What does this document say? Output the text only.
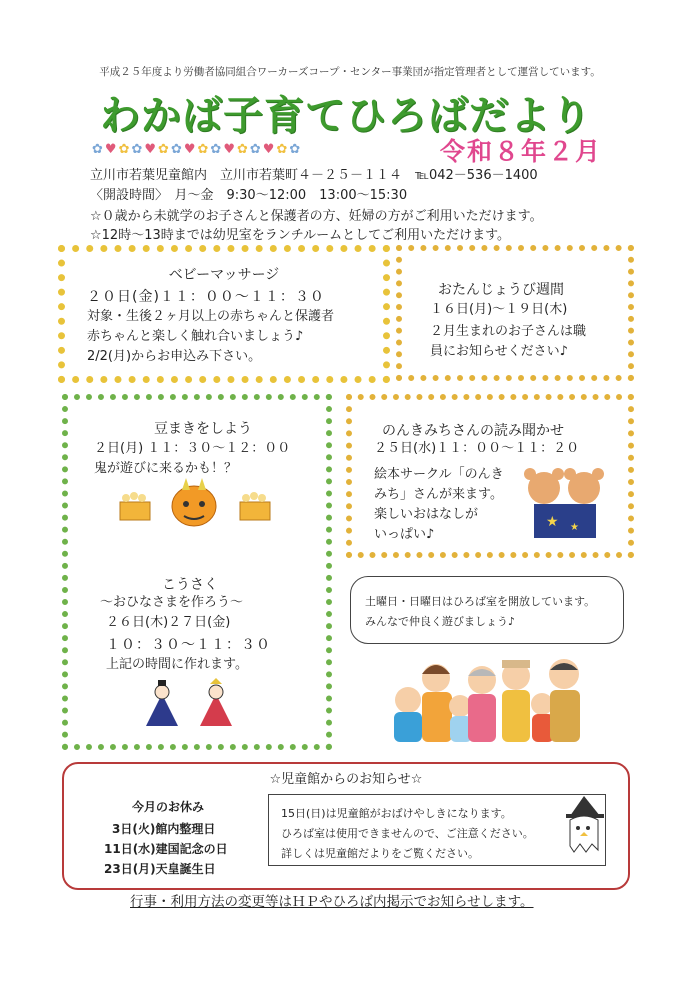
平成２５年度より労働者協同組合ワーカーズコープ・センター事業団が指定管理者として運営しています。
わかば子育てひろばだより
✿♥✿✿♥✿✿♥✿✿♥✿✿♥✿✿	令和８年２月
立川市若葉児童館内　立川市若葉町４－２５－１１４　℡042－536－1400
〈開設時間〉　月～金　9:30～12:00　13:00～15:30
☆０歳から未就学のお子さんと保護者の方、妊婦の方がご利用いただけます。
☆12時～13時までは幼児室をランチルームとしてご利用いただけます。
ベビーマッサージ
２０日(金)１１：００～１１：３０
対象・生後２ヶ月以上の赤ちゃんと保護者
赤ちゃんと楽しく触れ合いましょう♪
2/2(月)からお申込み下さい。
おたんじょうび週間
１６日(月)～１９日(木)
２月生まれのお子さんは職
員にお知らせください♪
豆まきをしよう
２日(月) １１：３０～１２：００
鬼が遊びに来るかも！？
こうさく
～おひなさまを作ろう～
２６日(木)２７日(金)
１０：３０～１１：３０
上記の時間に作れます。
のんきみちさんの読み聞かせ
２５日(水)１１：００～１１：２０
絵本サークル「のんき
みち」さんが来ます。
楽しいおはなしが
いっぱい♪
★ ★
土曜日・日曜日はひろば室を開放しています。
みんなで仲良く遊びましょう♪
☆児童館からのお知らせ☆
今月のお休み
3日(火)館内整理日
11日(水)建国記念の日
23日(月)天皇誕生日
15日(日)は児童館がおばけやしきになります。
ひろば室は使用できませんので、ご注意ください。
詳しくは児童館だよりをご覧ください。
行事・利用方法の変更等はＨＰやひろば内掲示でお知らせします。
